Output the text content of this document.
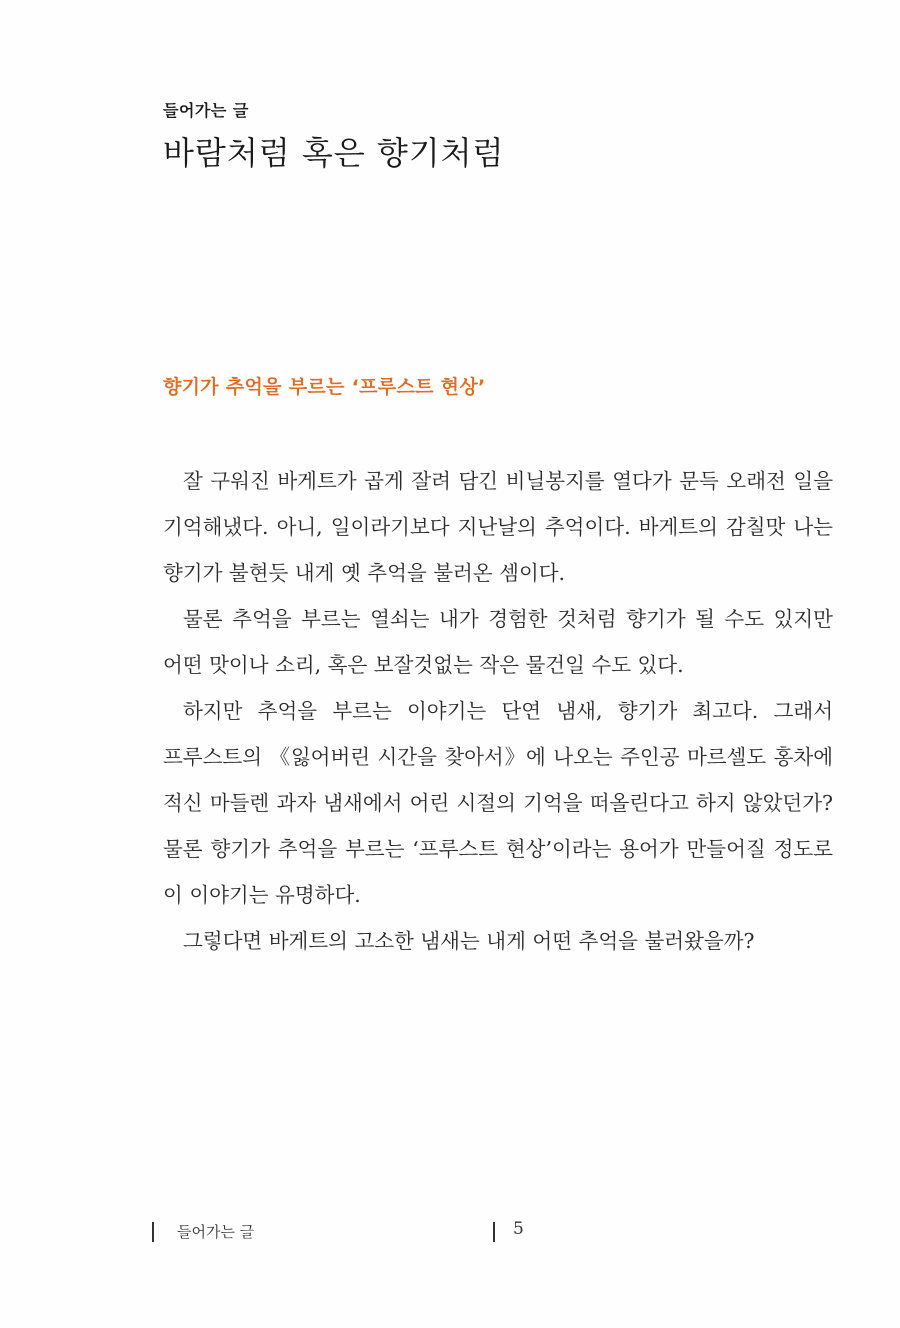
들어가는 글
바람처럼 혹은 향기처럼
향기가 추억을 부르는 ‘프루스트 현상’

잘 구워진 바게트가 곱게 잘려 담긴 비닐봉지를 열다가 문득 오래전 일을 기억해냈다. 아니, 일이라기보다 지난날의 추억이다. 바게트의 감칠맛 나는 향기가 불현듯 내게 옛 추억을 불러온 셈이다.

물론 추억을 부르는 열쇠는 내가 경험한 것처럼 향기가 될 수도 있지만 어떤 맛이나 소리, 혹은 보잘것없는 작은 물건일 수도 있다.

하지만 추억을 부르는 이야기는 단연 냄새, 향기가 최고다. 그래서 프루스트의 《잃어버린 시간을 찾아서》에 나오는 주인공 마르셀도 홍차에 적신 마들렌 과자 냄새에서 어린 시절의 기억을 떠올린다고 하지 않았던가? 물론 향기가 추억을 부르는 ‘프루스트 현상’이라는 용어가 만들어질 정도로 이 이야기는 유명하다.

그렇다면 바게트의 고소한 냄새는 내게 어떤 추억을 불러왔을까?

들어가는 글	5
